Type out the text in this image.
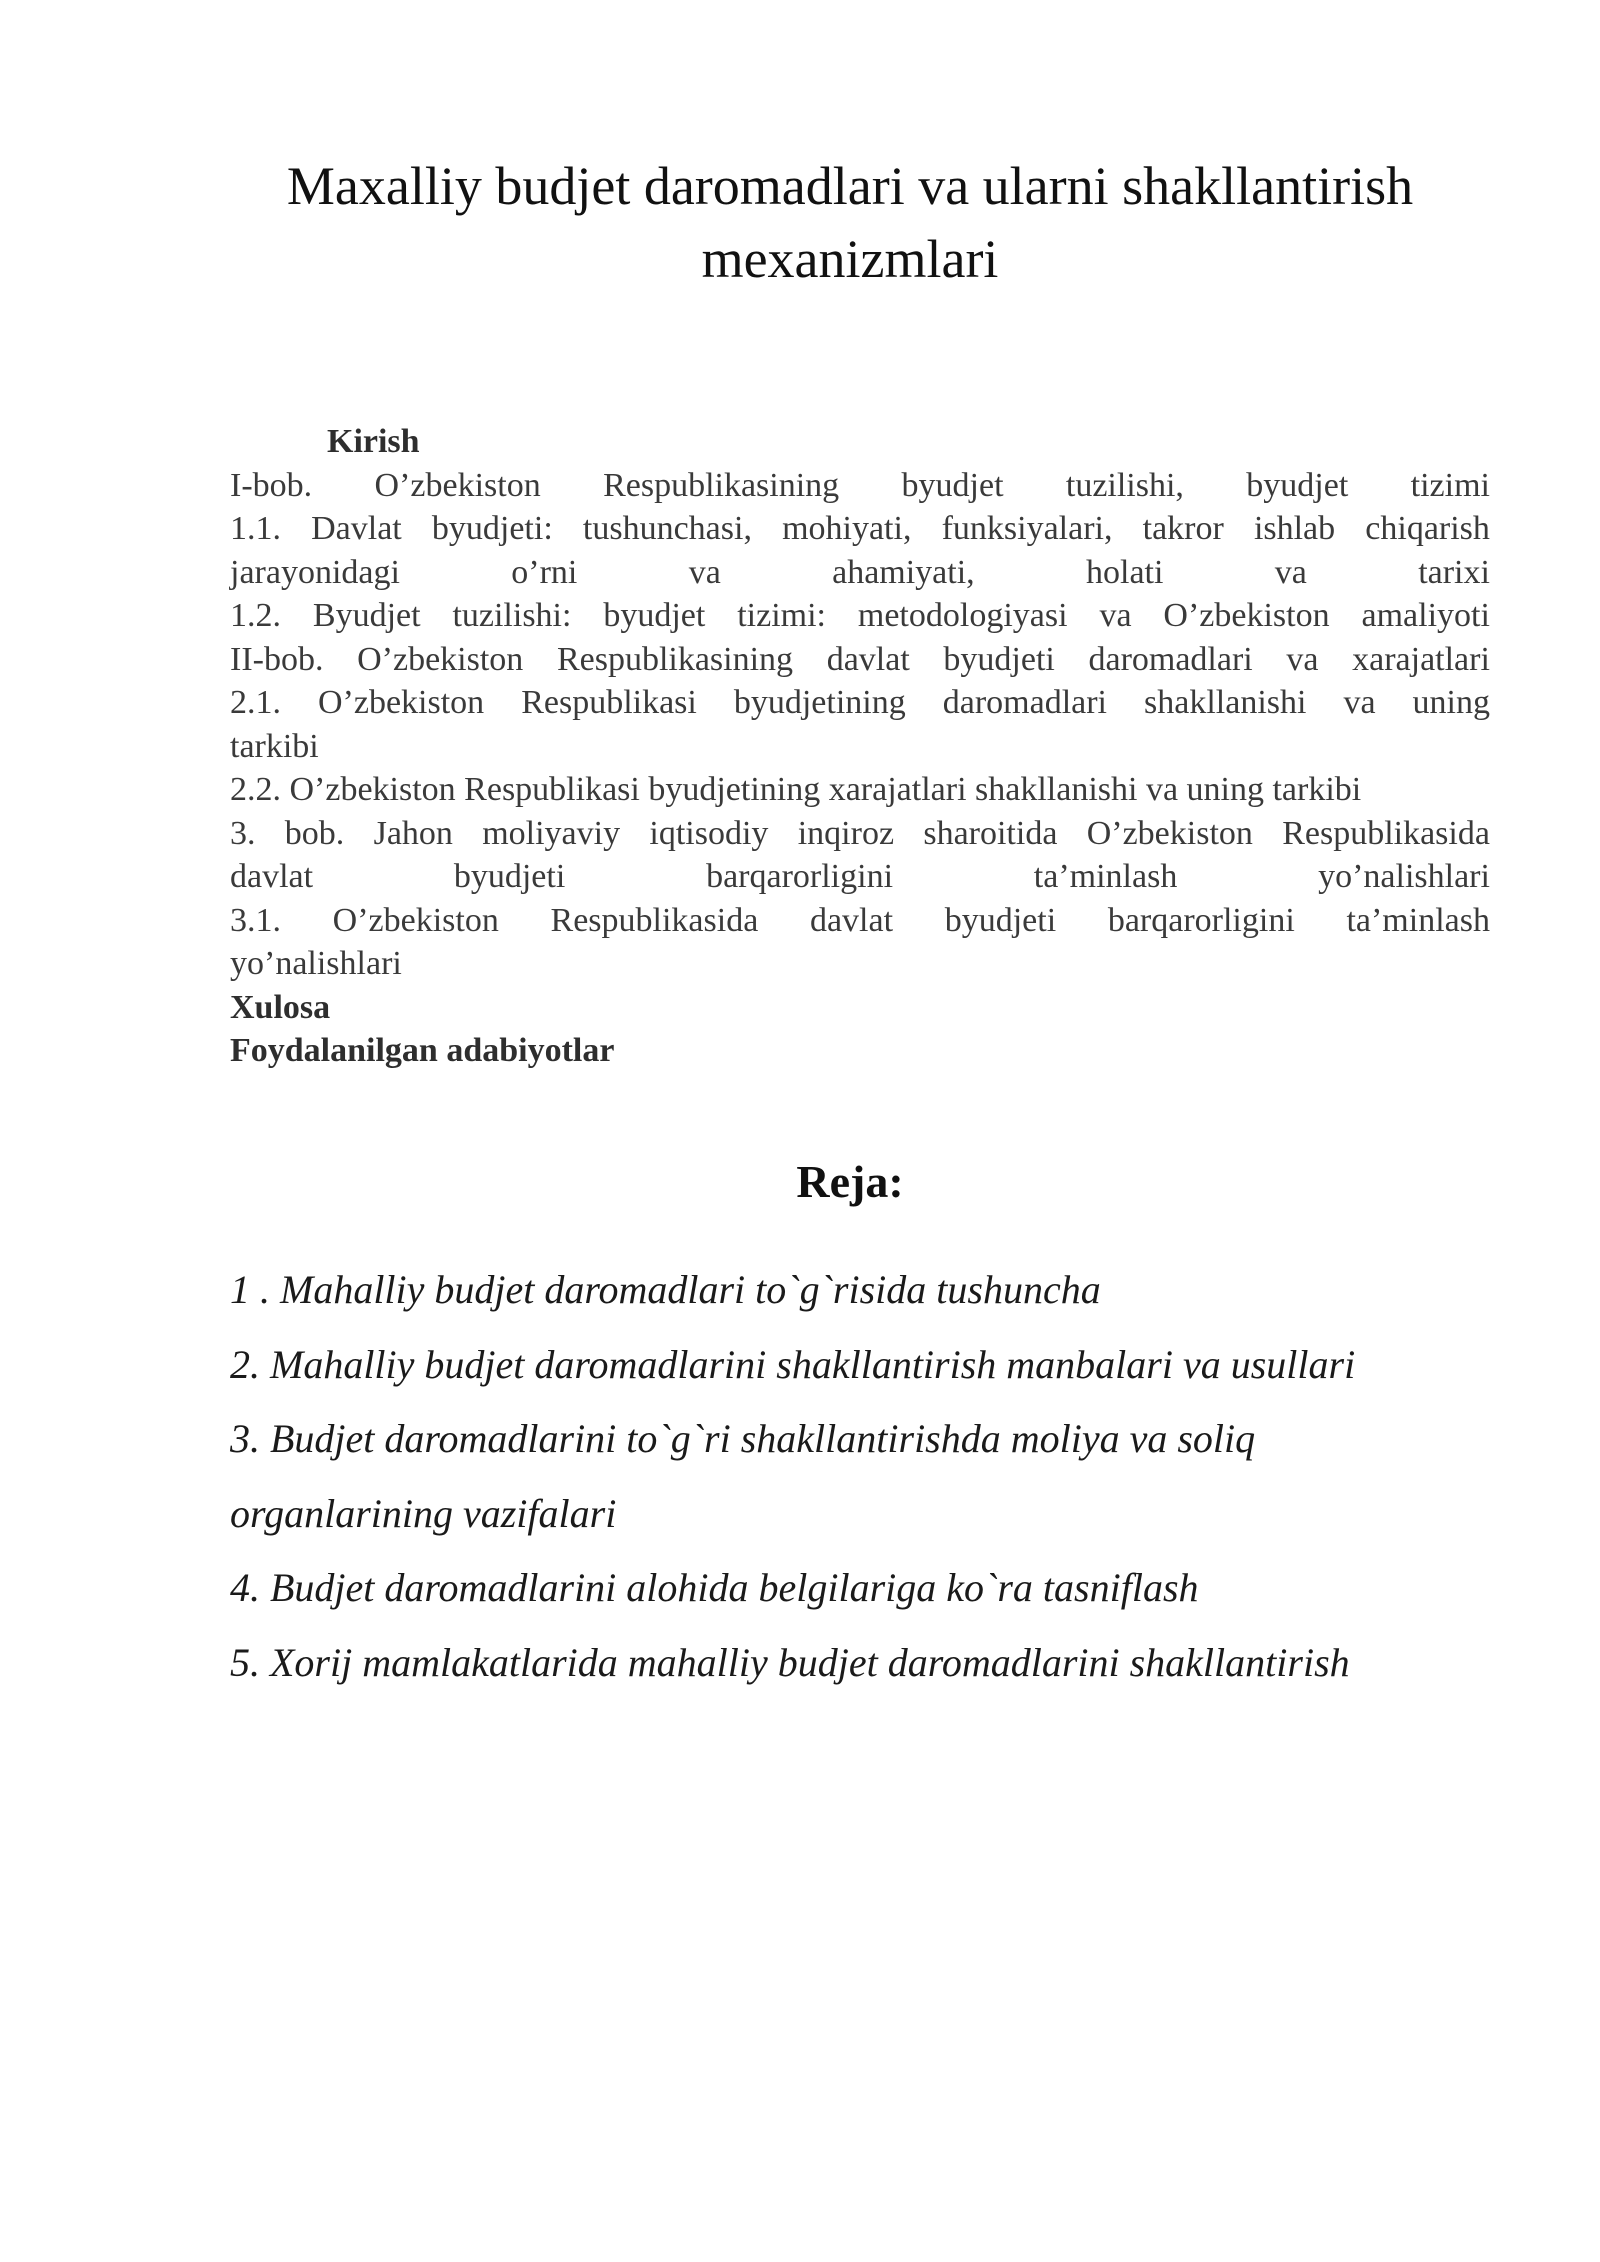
Maxalliy budjet daromadlari va ularni shakllantirish
mexanizmlari
Kirish
I-bob. O’zbekiston Respublikasining byudjet tuzilishi, byudjet tizimi
1.1. Davlat byudjeti: tushunchasi, mohiyati, funksiyalari, takror ishlab chiqarish
jarayonidagi	o’rni	va	ahamiyati,	holati	va	tarixi
1.2. Byudjet tuzilishi: byudjet tizimi: metodologiyasi va O’zbekiston amaliyoti
II-bob. O’zbekiston Respublikasining davlat byudjeti daromadlari va xarajatlari
2.1. O’zbekiston Respublikasi byudjetining daromadlari shakllanishi va uning
tarkibi
2.2. O’zbekiston Respublikasi byudjetining xarajatlari shakllanishi va uning tarkibi
3. bob. Jahon moliyaviy iqtisodiy inqiroz sharoitida O’zbekiston Respublikasida
davlat	byudjeti	barqarorligini	ta’minlash	yo’nalishlari
3.1. O’zbekiston Respublikasida davlat byudjeti barqarorligini ta’minlash
yo’nalishlari
Xulosa
Foydalanilgan adabiyotlar
Reja:
1 . Mahalliy budjet daromadlari to`g`risida tushuncha
2. Mahalliy budjet daromadlarini shakllantirish manbalari va usullari
3. Budjet daromadlarini to`g`ri shakllantirishda moliya va soliq
organlarining vazifalari
4. Budjet daromadlarini alohida belgilariga ko`ra tasniflash
5. Xorij mamlakatlarida mahalliy budjet daromadlarini shakllantirish
